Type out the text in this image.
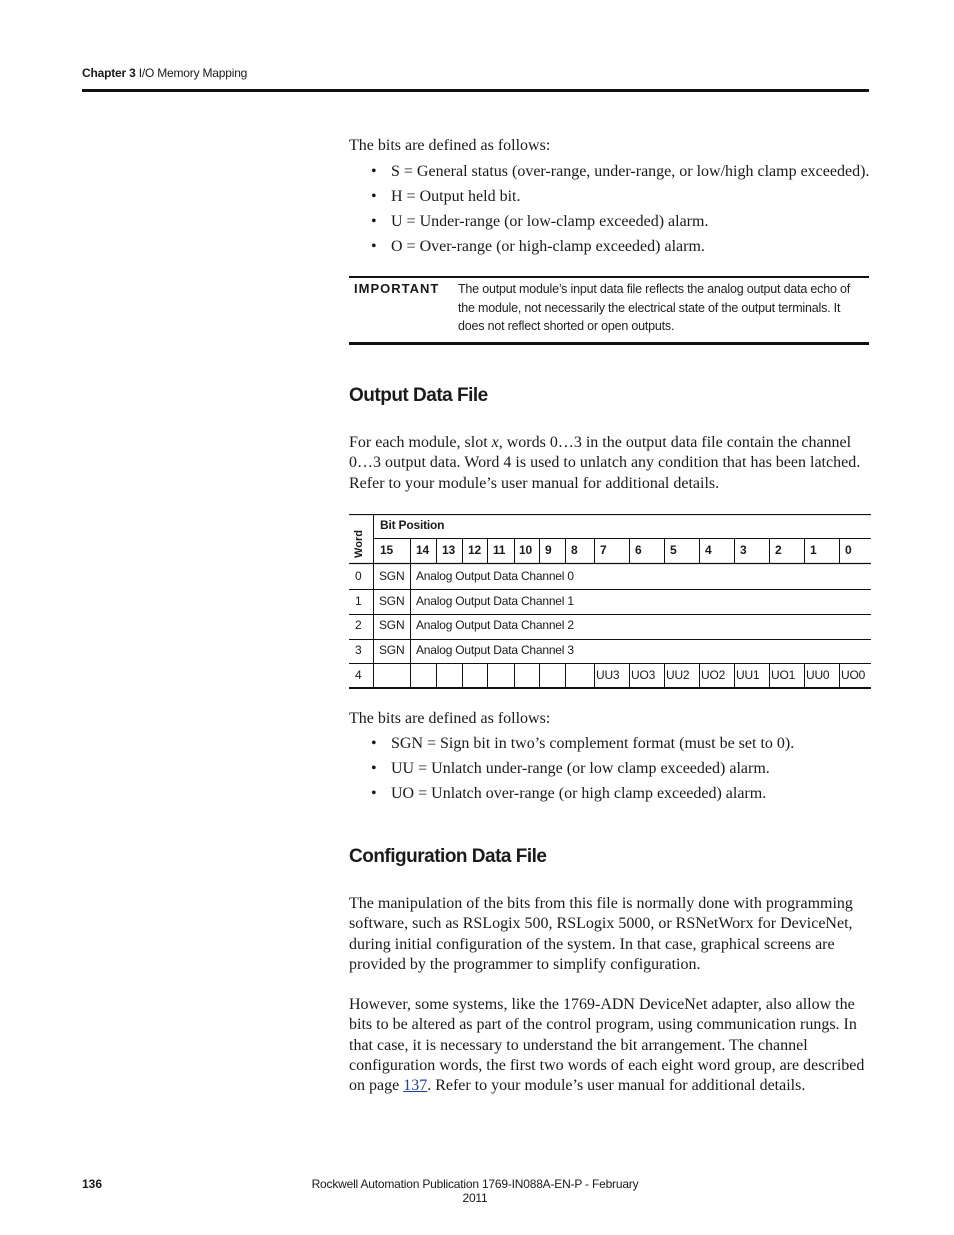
Chapter 3 I/O Memory Mapping
The bits are defined as follows:
• S = General status (over-range, under-range, or low/high clamp exceeded).
• H = Output held bit.
• U = Under-range (or low-clamp exceeded) alarm.
• O = Over-range (or high-clamp exceeded) alarm.
IMPORTANT The output module’s input data file reflects the analog output data echo of the module, not necessarily the electrical state of the output terminals. It does not reflect shorted or open outputs.
Output Data File
For each module, slot x, words 0…3 in the output data file contain the channel 0…3 output data. Word 4 is used to unlatch any condition that has been latched. Refer to your module’s user manual for additional details.
Word
Bit Position
15 14 13 12 11 10 9 8 7 6 5 4 3 2 1 0
0 SGN Analog Output Data Channel 0
1 SGN Analog Output Data Channel 1
2 SGN Analog Output Data Channel 2
3 SGN Analog Output Data Channel 3
4	UU3 UO3 UU2 UO2 UU1 UO1 UU0 UO0
The bits are defined as follows:
• SGN = Sign bit in two’s complement format (must be set to 0).
• UU = Unlatch under-range (or low clamp exceeded) alarm.
• UO = Unlatch over-range (or high clamp exceeded) alarm.
Configuration Data File
The manipulation of the bits from this file is normally done with programming software, such as RSLogix 500, RSLogix 5000, or RSNetWorx for DeviceNet, during initial configuration of the system. In that case, graphical screens are provided by the programmer to simplify configuration.
However, some systems, like the 1769-ADN DeviceNet adapter, also allow the bits to be altered as part of the control program, using communication rungs. In that case, it is necessary to understand the bit arrangement. The channel configuration words, the first two words of each eight word group, are described on page 137. Refer to your module’s user manual for additional details.
136	Rockwell Automation Publication 1769-IN088A-EN-P - February 2011
